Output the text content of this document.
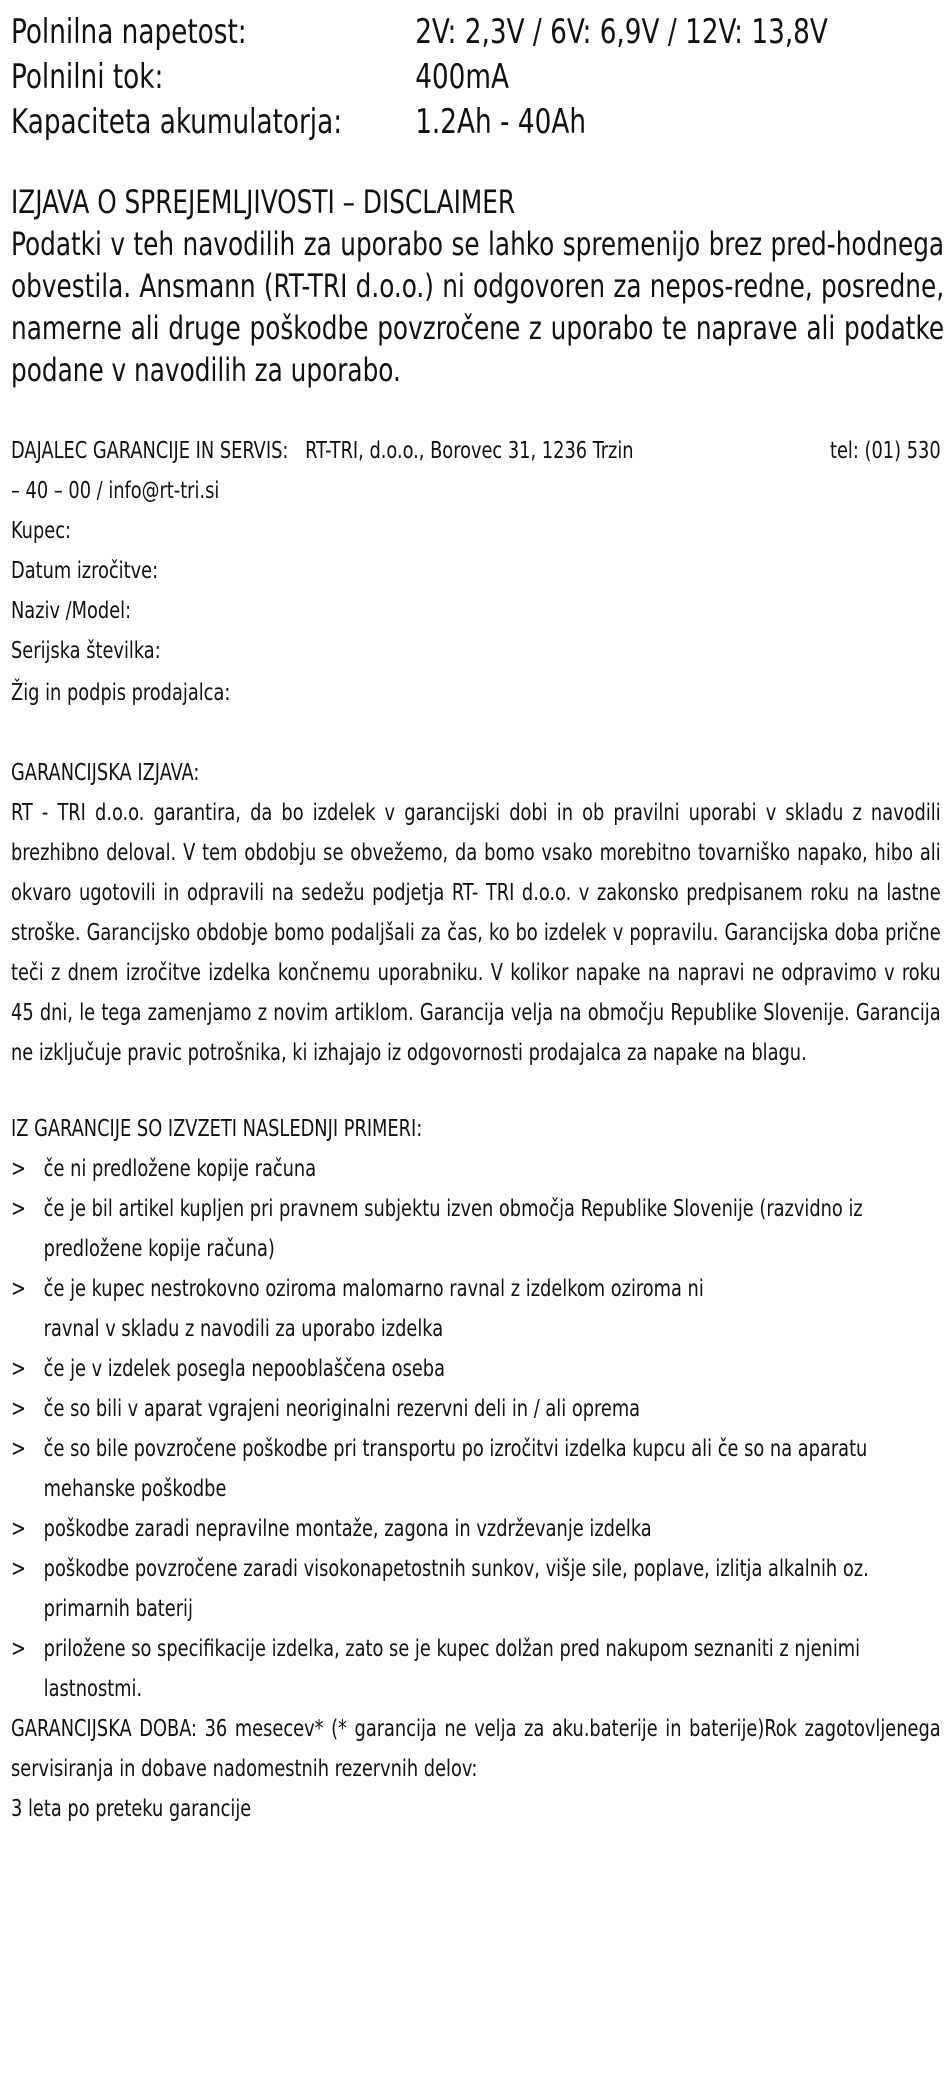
Polnilna napetost:	2V: 2,3V / 6V: 6,9V / 12V: 13,8V
Polnilni tok:	400mA
Kapaciteta akumulatorja:	1.2Ah - 40Ah
IZJAVA O SPREJEMLJIVOSTI – DISCLAIMER
Podatki v teh navodilih za uporabo se lahko spremenijo brez pred-hodnega obvestila. Ansmann (RT-TRI d.o.o.) ni odgovoren za nepos-redne, posredne, namerne ali druge poškodbe povzročene z uporabo te naprave ali podatke podane v navodilih za uporabo.
DAJALEC GARANCIJE IN SERVIS: RT-TRI, d.o.o., Borovec 31, 1236 Trzin	tel: (01) 530
– 40 – 00 / info@rt-tri.si
Kupec:
Datum izročitve:
Naziv /Model:
Serijska številka:
Žig in podpis prodajalca:
GARANCIJSKA IZJAVA:
RT - TRI d.o.o. garantira, da bo izdelek v garancijski dobi in ob pravilni uporabi v skladu z navodili brezhibno deloval. V tem obdobju se obvežemo, da bomo vsako morebitno tovarniško napako, hibo ali okvaro ugotovili in odpravili na sedežu podjetja RT- TRI d.o.o. v zakonsko predpisanem roku na lastne stroške. Garancijsko obdobje bomo podaljšali za čas, ko bo izdelek v popravilu. Garancijska doba prične teči z dnem izročitve izdelka končnemu uporabniku. V kolikor napake na napravi ne odpravimo v roku 45 dni, le tega zamenjamo z novim artiklom. Garancija velja na območju Republike Slovenije. Garancija ne izključuje pravic potrošnika, ki izhajajo iz odgovornosti prodajalca za napake na blagu.
IZ GARANCIJE SO IZVZETI NASLEDNJI PRIMERI:
> če ni predložene kopije računa
> če je bil artikel kupljen pri pravnem subjektu izven območja Republike Slovenije (razvidno iz predložene kopije računa)
> če je kupec nestrokovno oziroma malomarno ravnal z izdelkom oziroma ni ravnal v skladu z navodili za uporabo izdelka
> če je v izdelek posegla nepooblaščena oseba
> če so bili v aparat vgrajeni neoriginalni rezervni deli in / ali oprema
> če so bile povzročene poškodbe pri transportu po izročitvi izdelka kupcu ali če so na aparatu mehanske poškodbe
> poškodbe zaradi nepravilne montaže, zagona in vzdrževanje izdelka
> poškodbe povzročene zaradi visokonapetostnih sunkov, višje sile, poplave, izlitja alkalnih oz. primarnih baterij
> priložene so specifikacije izdelka, zato se je kupec dolžan pred nakupom seznaniti z njenimi lastnostmi.
GARANCIJSKA DOBA: 36 mesecev* (* garancija ne velja za aku.baterije in baterije)Rok zagotovljenega servisiranja in dobave nadomestnih rezervnih delov:
3 leta po preteku garancije
